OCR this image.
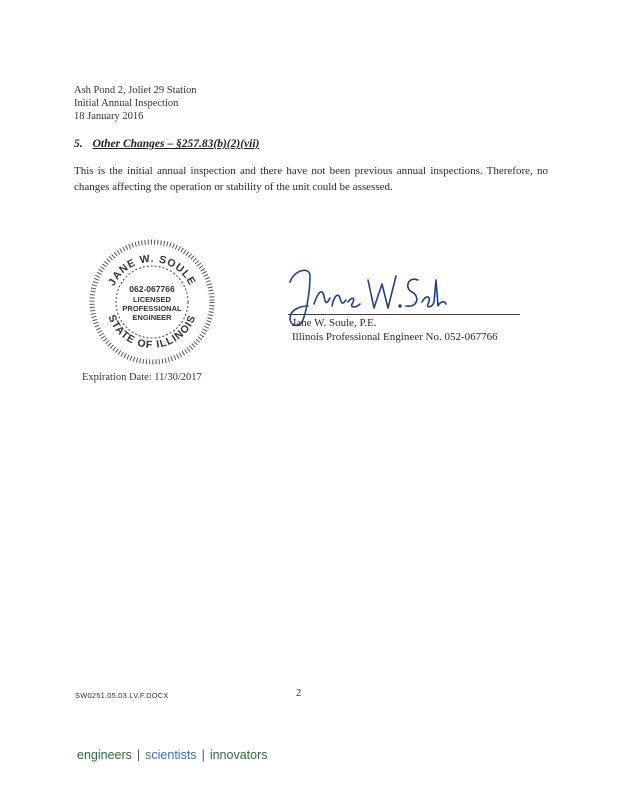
Ash Pond 2, Joliet 29 Station
Initial Annual Inspection
18 January 2016
5. Other Changes – §257.83(b)(2)(vii)
This is the initial annual inspection and there have not been previous annual inspections. Therefore, no changes affecting the operation or stability of the unit could be assessed.
JANE W. SOULE
STATE OF ILLINOIS
062-067766
LICENSED
PROFESSIONAL
ENGINEER	Jane W. Soule, P.E.
Illinois Professional Engineer No. 052-067766
Expiration Date: 11/30/2017
SW0251.05.03.LV.F.DOCX	2
engineers | scientists | innovators
